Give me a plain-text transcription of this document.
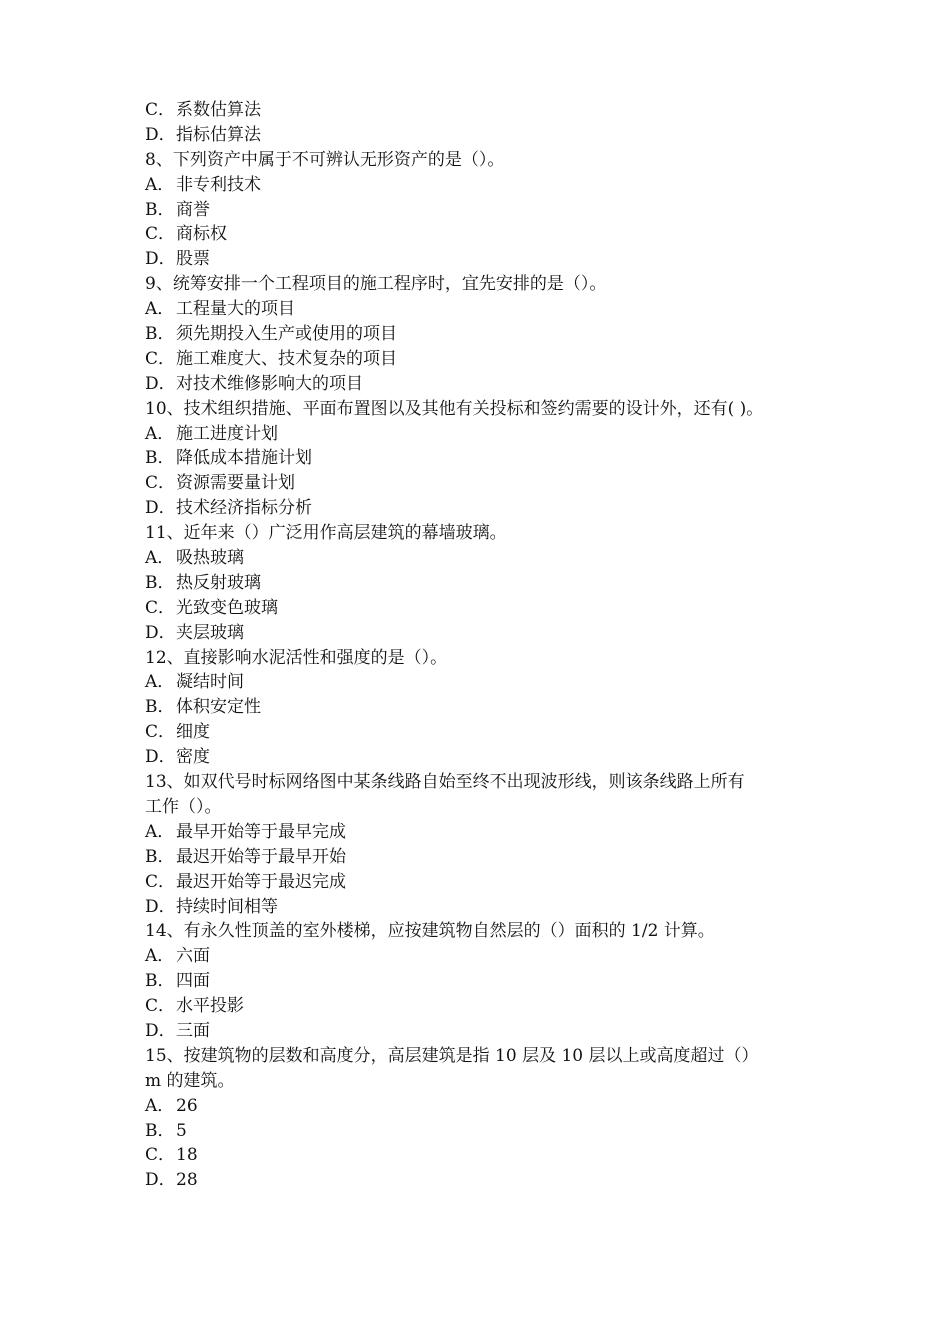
C．系数估算法
D．指标估算法
8、下列资产中属于不可辨认无形资产的是（）。
A． 非专利技术
B．商誉
C．商标权
D．股票
9、统筹安排一个工程项目的施工程序时，宜先安排的是（）。
A． 工程量大的项目
B．须先期投入生产或使用的项目
C．施工难度大、技术复杂的项目
D．对技术维修影响大的项目
10、技术组织措施、平面布置图以及其他有关投标和签约需要的设计外，还有( )。
A． 施工进度计划
B．降低成本措施计划
C．资源需要量计划
D．技术经济指标分析
11、近年来（）广泛用作高层建筑的幕墙玻璃。
A． 吸热玻璃
B．热反射玻璃
C．光致变色玻璃
D．夹层玻璃
12、直接影响水泥活性和强度的是（）。
A． 凝结时间
B．体积安定性
C．细度
D．密度
13、如双代号时标网络图中某条线路自始至终不出现波形线，则该条线路上所有
工作（）。
A． 最早开始等于最早完成
B．最迟开始等于最早开始
C．最迟开始等于最迟完成
D．持续时间相等
14、有永久性顶盖的室外楼梯，应按建筑物自然层的（）面积的 1/2 计算。
A． 六面
B．四面
C．水平投影
D．三面
15、按建筑物的层数和高度分，高层建筑是指 10 层及 10 层以上或高度超过（）
m 的建筑。
A． 26
B．5
C．18
D．28
